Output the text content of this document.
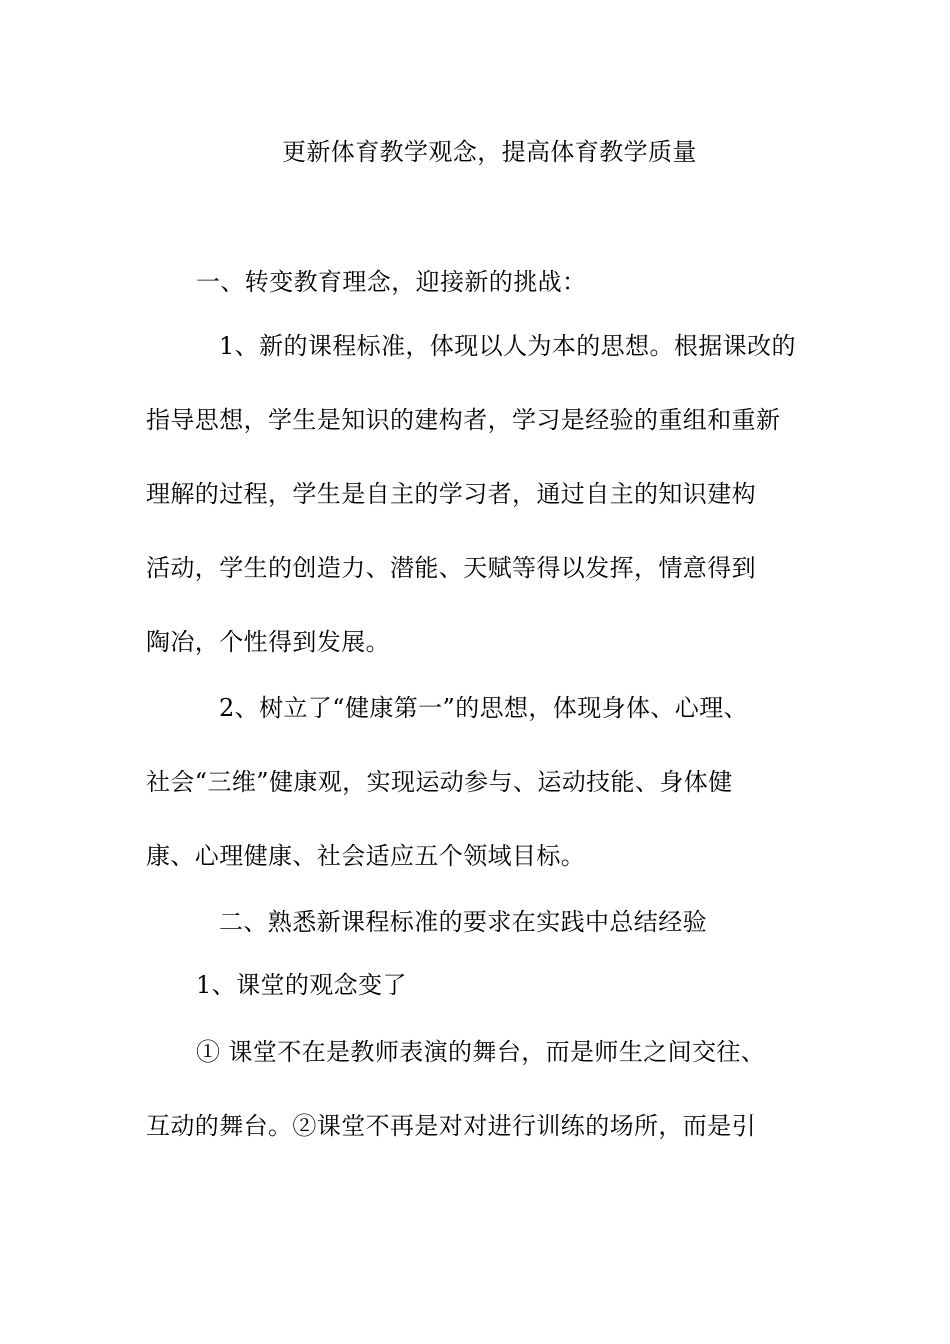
更新体育教学观念，提高体育教学质量
一、转变教育理念，迎接新的挑战：
1、新的课程标准，体现以人为本的思想。根据课改的
指导思想，学生是知识的建构者，学习是经验的重组和重新
理解的过程，学生是自主的学习者，通过自主的知识建构
活动，学生的创造力、潜能、天赋等得以发挥，情意得到
陶冶，个性得到发展。
2、树立了“健康第一”的思想，体现身体、心理、
社会“三维”健康观，实现运动参与、运动技能、身体健
康、心理健康、社会适应五个领域目标。
二、熟悉新课程标准的要求在实践中总结经验
1、课堂的观念变了
① 课堂不在是教师表演的舞台，而是师生之间交往、
互动的舞台。②课堂不再是对对进行训练的场所，而是引
